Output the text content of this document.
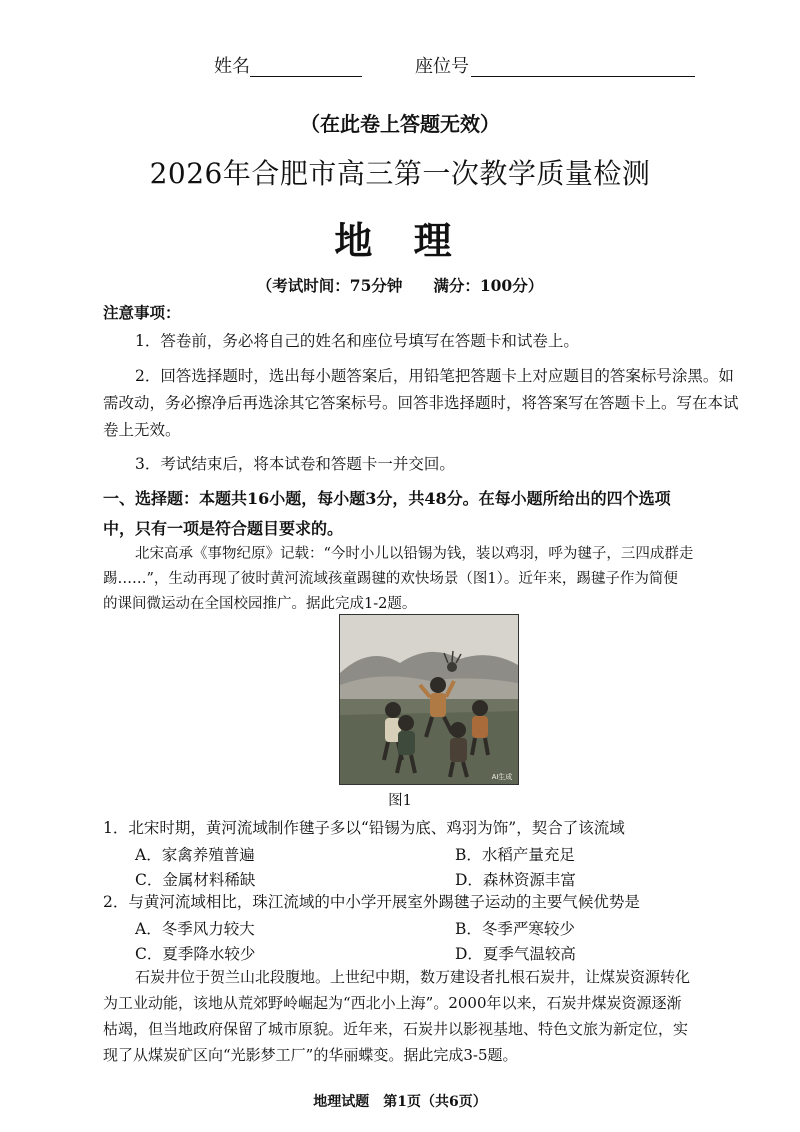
姓名	座位号
（在此卷上答题无效）
2026年合肥市高三第一次教学质量检测
地 理
（考试时间：75分钟　　满分：100分）
注意事项：
1．答卷前，务必将自己的姓名和座位号填写在答题卡和试卷上。
2．回答选择题时，选出每小题答案后，用铅笔把答题卡上对应题目的答案标号涂黑。如
需改动，务必擦净后再选涂其它答案标号。回答非选择题时，将答案写在答题卡上。写在本试
卷上无效。
3．考试结束后，将本试卷和答题卡一并交回。
一、选择题：本题共16小题，每小题3分，共48分。在每小题所给出的四个选项
中，只有一项是符合题目要求的。
北宋高承《事物纪原》记载：“今时小儿以铅锡为钱，装以鸡羽，呼为毽子，三四成群走
踢……”，生动再现了彼时黄河流域孩童踢毽的欢快场景（图1）。近年来，踢毽子作为简便
的课间微运动在全国校园推广。据此完成1-2题。
AI生成
图1
1．北宋时期，黄河流域制作毽子多以“铅锡为底、鸡羽为饰”，契合了该流域
A．家禽养殖普遍	B．水稻产量充足
C．金属材料稀缺	D．森林资源丰富
2．与黄河流域相比，珠江流域的中小学开展室外踢毽子运动的主要气候优势是
A．冬季风力较大	B．冬季严寒较少
C．夏季降水较少	D．夏季气温较高
石炭井位于贺兰山北段腹地。上世纪中期，数万建设者扎根石炭井，让煤炭资源转化
为工业动能，该地从荒郊野岭崛起为“西北小上海”。2000年以来，石炭井煤炭资源逐渐
枯竭，但当地政府保留了城市原貌。近年来，石炭井以影视基地、特色文旅为新定位，实
现了从煤炭矿区向“光影梦工厂”的华丽蝶变。据此完成3-5题。
地理试题　第1页（共6页）
